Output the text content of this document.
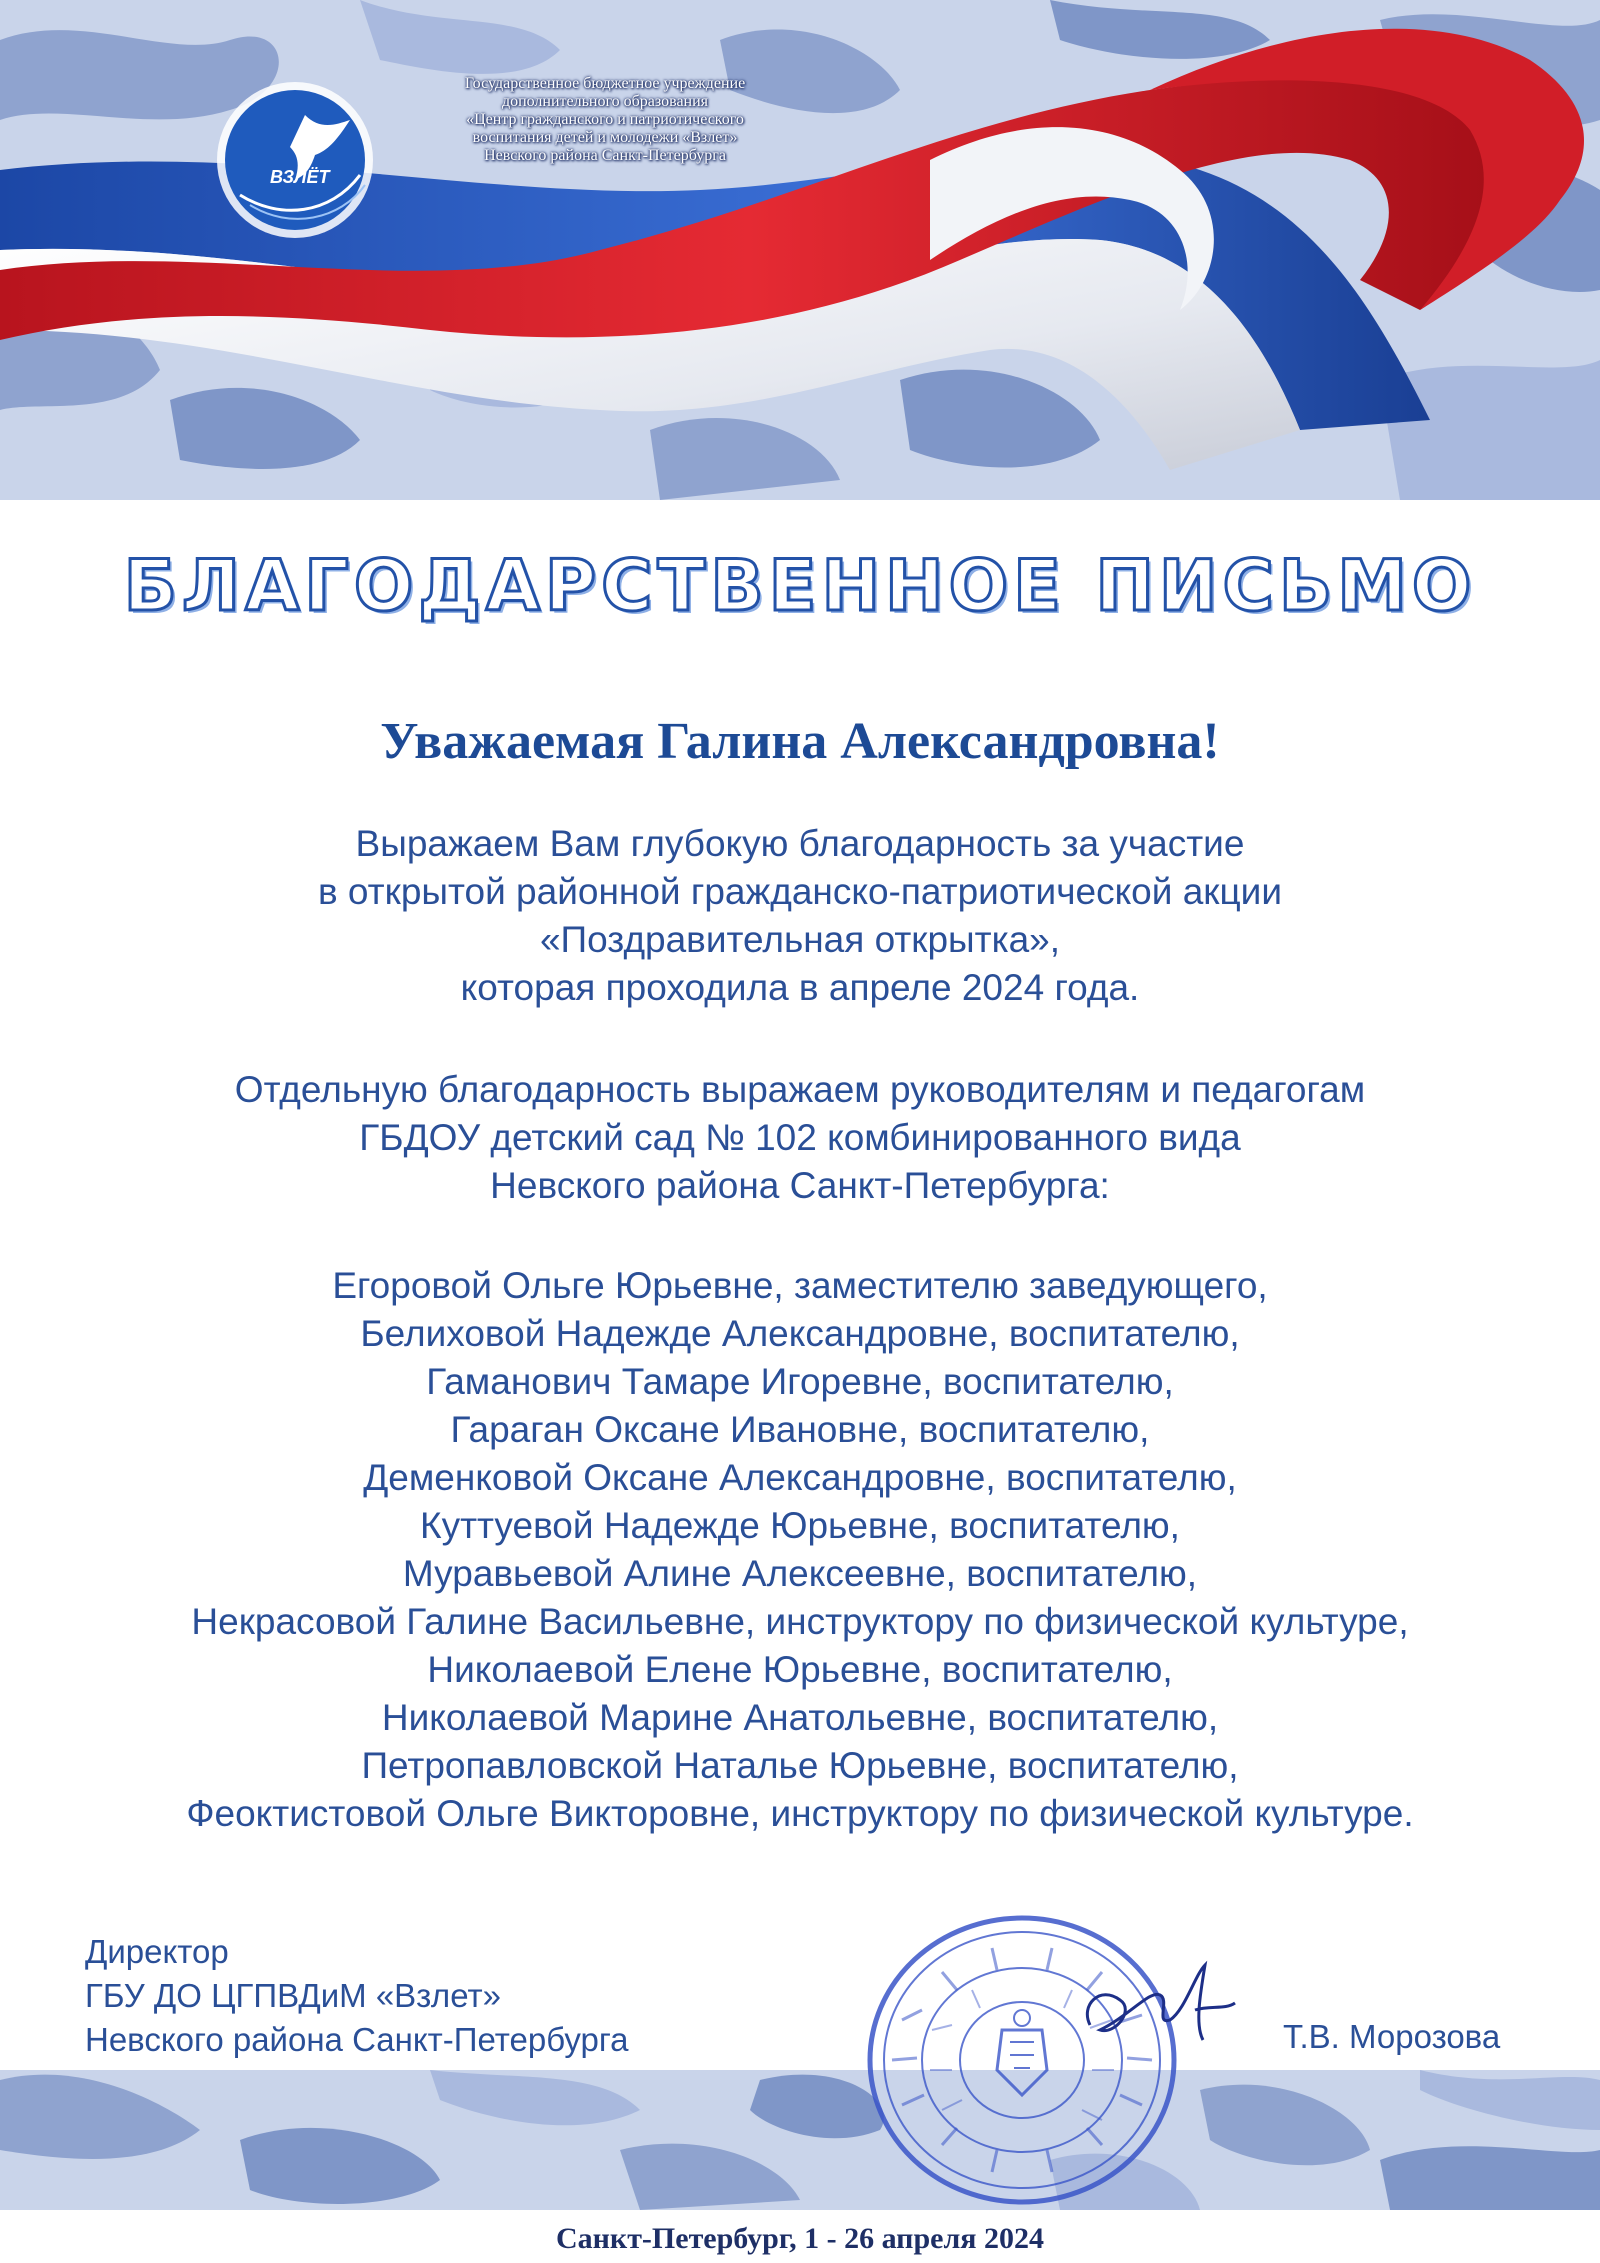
ВЗЛЁТ
Государственное бюджетное учреждение
дополнительного образования
«Центр гражданского и патриотического
воспитания детей и молодежи «Взлет»
Невского района Санкт-Петербурга
БЛАГОДАРСТВЕННОЕ ПИСЬМО
Уважаемая Галина Александровна!
Выражаем Вам глубокую благодарность за участие
в открытой районной гражданско-патриотической акции
«Поздравительная открытка»,
которая проходила в апреле 2024 года.
Отдельную благодарность выражаем руководителям и педагогам
ГБДОУ детский сад № 102 комбинированного вида
Невского района Санкт-Петербурга:
Егоровой Ольге Юрьевне, заместителю заведующего,
Белиховой Надежде Александровне, воспитателю,
Гаманович Тамаре Игоревне, воспитателю,
Гараган Оксане Ивановне, воспитателю,
Деменковой Оксане Александровне, воспитателю,
Куттуевой Надежде Юрьевне, воспитателю,
Муравьевой Алине Алексеевне, воспитателю,
Некрасовой Галине Васильевне, инструктору по физической культуре,
Николаевой Елене Юрьевне, воспитателю,
Николаевой Марине Анатольевне, воспитателю,
Петропавловской Наталье Юрьевне, воспитателю,
Феоктистовой Ольге Викторовне, инструктору по физической культуре.
Директор
ГБУ ДО ЦГПВДиМ «Взлет»
Невского района Санкт-Петербурга	Т.В. Морозова
Санкт-Петербург, 1 - 26 апреля 2024
